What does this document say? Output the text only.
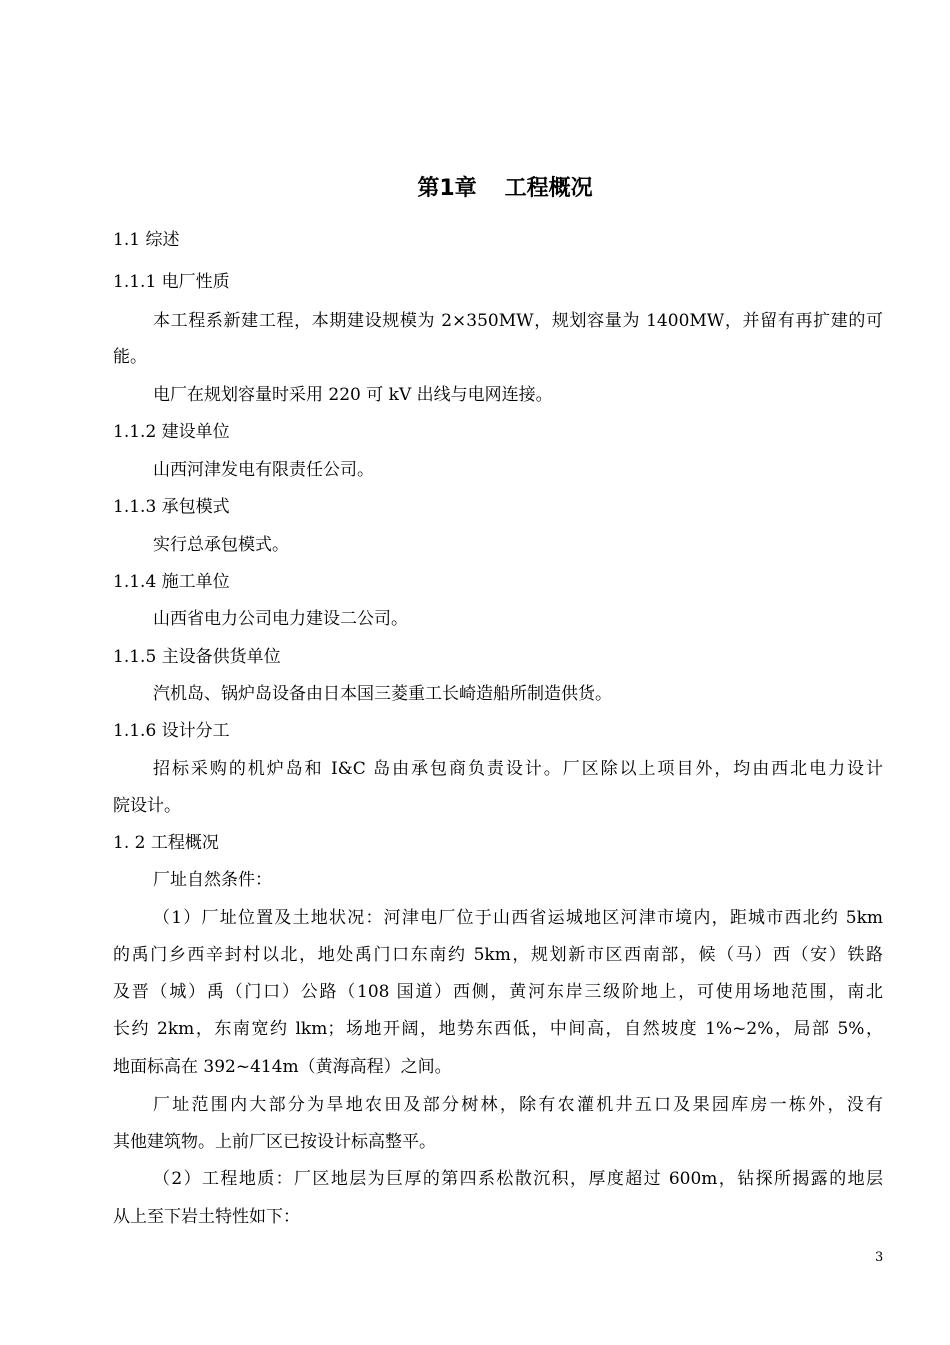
第1章 工程概况
1.1 综述
1.1.1 电厂性质
本工程系新建工程，本期建设规模为 2×350MW，规划容量为 1400MW，并留有再扩建的可
能。
电厂在规划容量时采用 220 可 kV 出线与电网连接。
1.1.2 建设单位
山西河津发电有限责任公司。
1.1.3 承包模式
实行总承包模式。
1.1.4 施工单位
山西省电力公司电力建设二公司。
1.1.5 主设备供货单位
汽机岛、锅炉岛设备由日本国三菱重工长崎造船所制造供货。
1.1.6 设计分工
招标采购的机炉岛和 I&C 岛由承包商负责设计。厂区除以上项目外，均由西北电力设计
院设计。
1. 2 工程概况
厂址自然条件：
（1）厂址位置及土地状况：河津电厂位于山西省运城地区河津市境内，距城市西北约 5km
的禹门乡西辛封村以北，地处禹门口东南约 5km，规划新市区西南部，候（马）西（安）铁路
及晋（城）禹（门口）公路（108 国道）西侧，黄河东岸三级阶地上，可使用场地范围，南北
长约 2km，东南宽约 lkm；场地开阔，地势东西低，中间高，自然坡度 1%~2%，局部 5%，
地面标高在 392~414m（黄海高程）之间。
厂址范围内大部分为旱地农田及部分树林，除有农灌机井五口及果园库房一栋外，没有
其他建筑物。上前厂区已按设计标高整平。
（2）工程地质：厂区地层为巨厚的第四系松散沉积，厚度超过 600m，钻探所揭露的地层
从上至下岩土特性如下：
3
